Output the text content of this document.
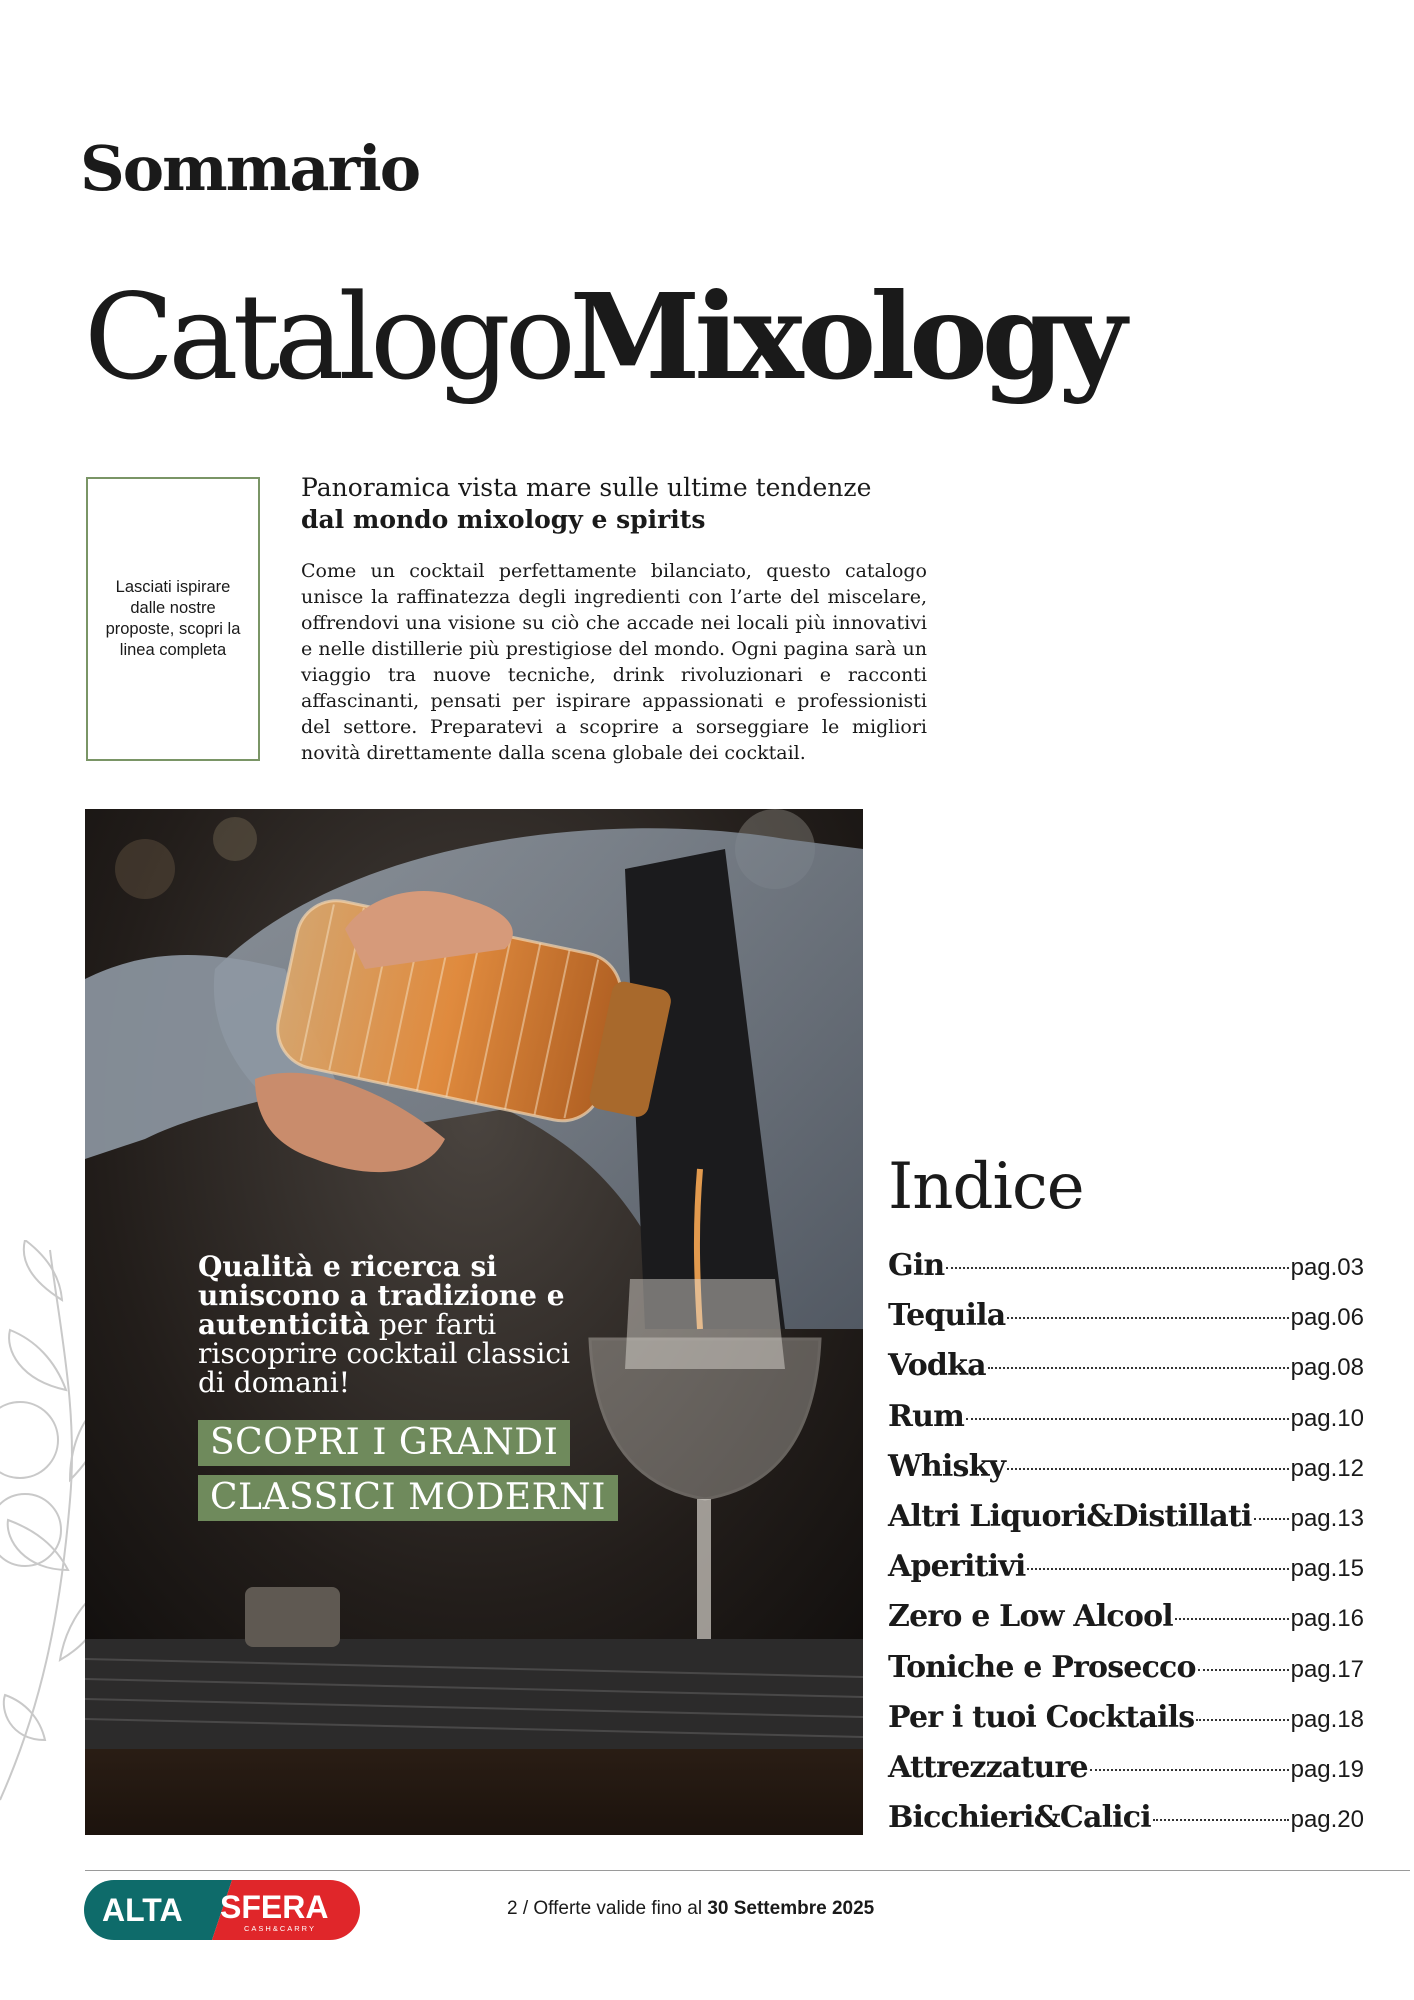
Sommario
CatalogoMixology
Lasciati ispirare dalle nostre proposte, scopri la linea completa
Panoramica vista mare sulle ultime tendenze
dal mondo mixology e spirits
Come un cocktail perfettamente bilanciato, questo catalogo unisce la raffinatezza degli ingredienti con l’arte del miscelare, offrendovi una visione su ciò che accade nei locali più innovativi e nelle distillerie più prestigiose del mondo. Ogni pagina sarà un viaggio tra nuove tecniche, drink rivoluzionari e racconti affascinanti, pensati per ispirare appassionati e professionisti del settore. Preparatevi a scoprire a sorseggiare le migliori novità direttamente dalla scena globale dei cocktail.
Qualità e ricerca si uniscono a tradizione e autenticità per farti riscoprire cocktail classici di domani!
SCOPRI I GRANDI
CLASSICI MODERNI
Indice
Gin	pag.03
Tequila	pag.06
Vodka	pag.08
Rum	pag.10
Whisky	pag.12
Altri Liquori&Distillati pag.13
Aperitivi	pag.15
Zero e Low Alcool	pag.16
Toniche e Prosecco	pag.17
Per i tuoi Cocktails	pag.18
Attrezzature	pag.19
Bicchieri&Calici	pag.20
ALTA SFERA
CASH&CARRY
2 / Offerte valide fino al 30 Settembre 2025
